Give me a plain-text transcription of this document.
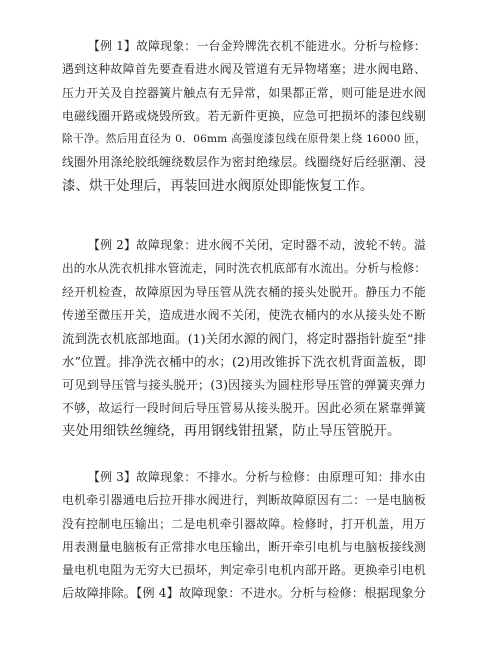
【例 1】故障现象：一台金羚牌洗衣机不能进水。分析与检修：
遇到这种故障首先要查看进水阀及管道有无异物堵塞；进水阀电路、
压力开关及自控器簧片触点有无异常，如果都正常，则可能是进水阀
电磁线圈开路或烧毁所致。若无新件更换，应急可把损坏的漆包线剔
除干净。然后用直径为 0．06mm 高强度漆包线在原骨架上绕 16000 匝，
线圈外用涤纶胶纸缠绕数层作为密封绝缘层。线圈绕好后经驱潮、浸
漆、烘干处理后，再装回进水阀原处即能恢复工作。
【例 2】故障现象：进水阀不关闭，定时器不动，波轮不转。溢
出的水从洗衣机排水管流走，同时洗衣机底部有水流出。分析与检修：
经开机检查，故障原因为导压管从洗衣桶的接头处脱开。静压力不能
传递至微压开关，造成进水阀不关闭，使洗衣桶内的水从接头处不断
流到洗衣机底部地面。(1)关闭水源的阀门，将定时器指针旋至“排
水”位置。排净洗衣桶中的水；(2)用改锥拆下洗衣机背面盖板，即
可见到导压管与接头脱开；(3)因接头为圆柱形导压管的弹簧夹弹力
不够，故运行一段时间后导压管易从接头脱开。因此必须在紧靠弹簧
夹处用细铁丝缠绕，再用钢线钳扭紧，防止导压管脱开。
【例 3】故障现象：不排水。分析与检修：由原理可知：排水由
电机牵引器通电后拉开排水阀进行，判断故障原因有二：一是电脑板
没有控制电压输出；二是电机牵引器故障。检修时，打开机盖，用万
用表测量电脑板有正常排水电压输出，断开牵引电机与电脑板接线测
量电机电阻为无穷大已损坏，判定牵引电机内部开路。更换牵引电机
后故障排除。【例 4】故障现象：不进水。分析与检修：根据现象分
